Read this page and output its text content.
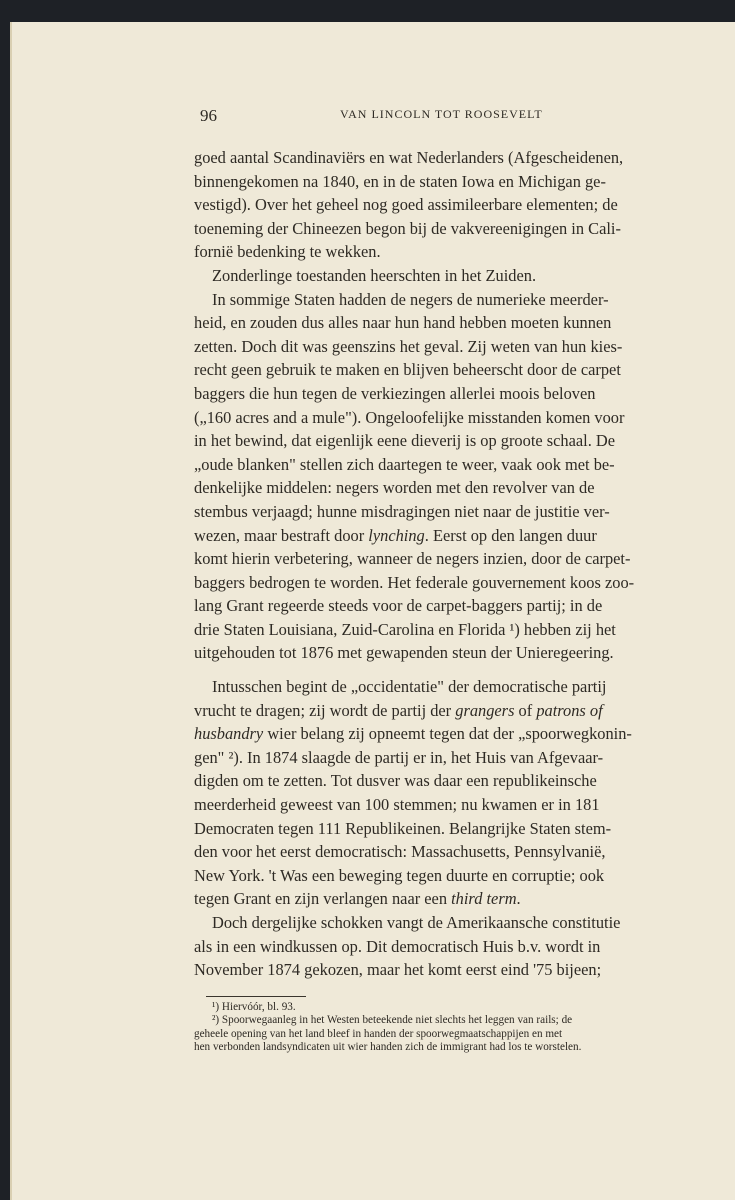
96	VAN LINCOLN TOT ROOSEVELT
goed aantal Scandinaviërs en wat Nederlanders (Afgescheidenen,
binnengekomen na 1840, en in de staten Iowa en Michigan ge-
vestigd). Over het geheel nog goed assimileerbare elementen; de
toeneming der Chineezen begon bij de vakvereenigingen in Cali-
fornië bedenking te wekken.
Zonderlinge toestanden heerschten in het Zuiden.
In sommige Staten hadden de negers de numerieke meerder-
heid, en zouden dus alles naar hun hand hebben moeten kunnen
zetten. Doch dit was geenszins het geval. Zij weten van hun kies-
recht geen gebruik te maken en blijven beheerscht door de carpet
baggers die hun tegen de verkiezingen allerlei moois beloven
(„160 acres and a mule"). Ongeloofelijke misstanden komen voor
in het bewind, dat eigenlijk eene dieverij is op groote schaal. De
„oude blanken" stellen zich daartegen te weer, vaak ook met be-
denkelijke middelen: negers worden met den revolver van de
stembus verjaagd; hunne misdragingen niet naar de justitie ver-
wezen, maar bestraft door lynching. Eerst op den langen duur
komt hierin verbetering, wanneer de negers inzien, door de carpet-
baggers bedrogen te worden. Het federale gouvernement koos zoo-
lang Grant regeerde steeds voor de carpet-baggers partij; in de
drie Staten Louisiana, Zuid-Carolina en Florida ¹) hebben zij het
uitgehouden tot 1876 met gewapenden steun der Unieregeering.
Intusschen begint de „occidentatie" der democratische partij
vrucht te dragen; zij wordt de partij der grangers of patrons of
husbandry wier belang zij opneemt tegen dat der „spoorwegkonin-
gen" ²). In 1874 slaagde de partij er in, het Huis van Afgevaar-
digden om te zetten. Tot dusver was daar een republikeinsche
meerderheid geweest van 100 stemmen; nu kwamen er in 181
Democraten tegen 111 Republikeinen. Belangrijke Staten stem-
den voor het eerst democratisch: Massachusetts, Pennsylvanië,
New York. 't Was een beweging tegen duurte en corruptie; ook
tegen Grant en zijn verlangen naar een third term.
Doch dergelijke schokken vangt de Amerikaansche constitutie
als in een windkussen op. Dit democratisch Huis b.v. wordt in
November 1874 gekozen, maar het komt eerst eind '75 bijeen;
¹) Hiervóór, bl. 93.
²) Spoorwegaanleg in het Westen beteekende niet slechts het leggen van rails; de
geheele opening van het land bleef in handen der spoorwegmaatschappijen en met
hen verbonden landsyndicaten uit wier handen zich de immigrant had los te worstelen.
